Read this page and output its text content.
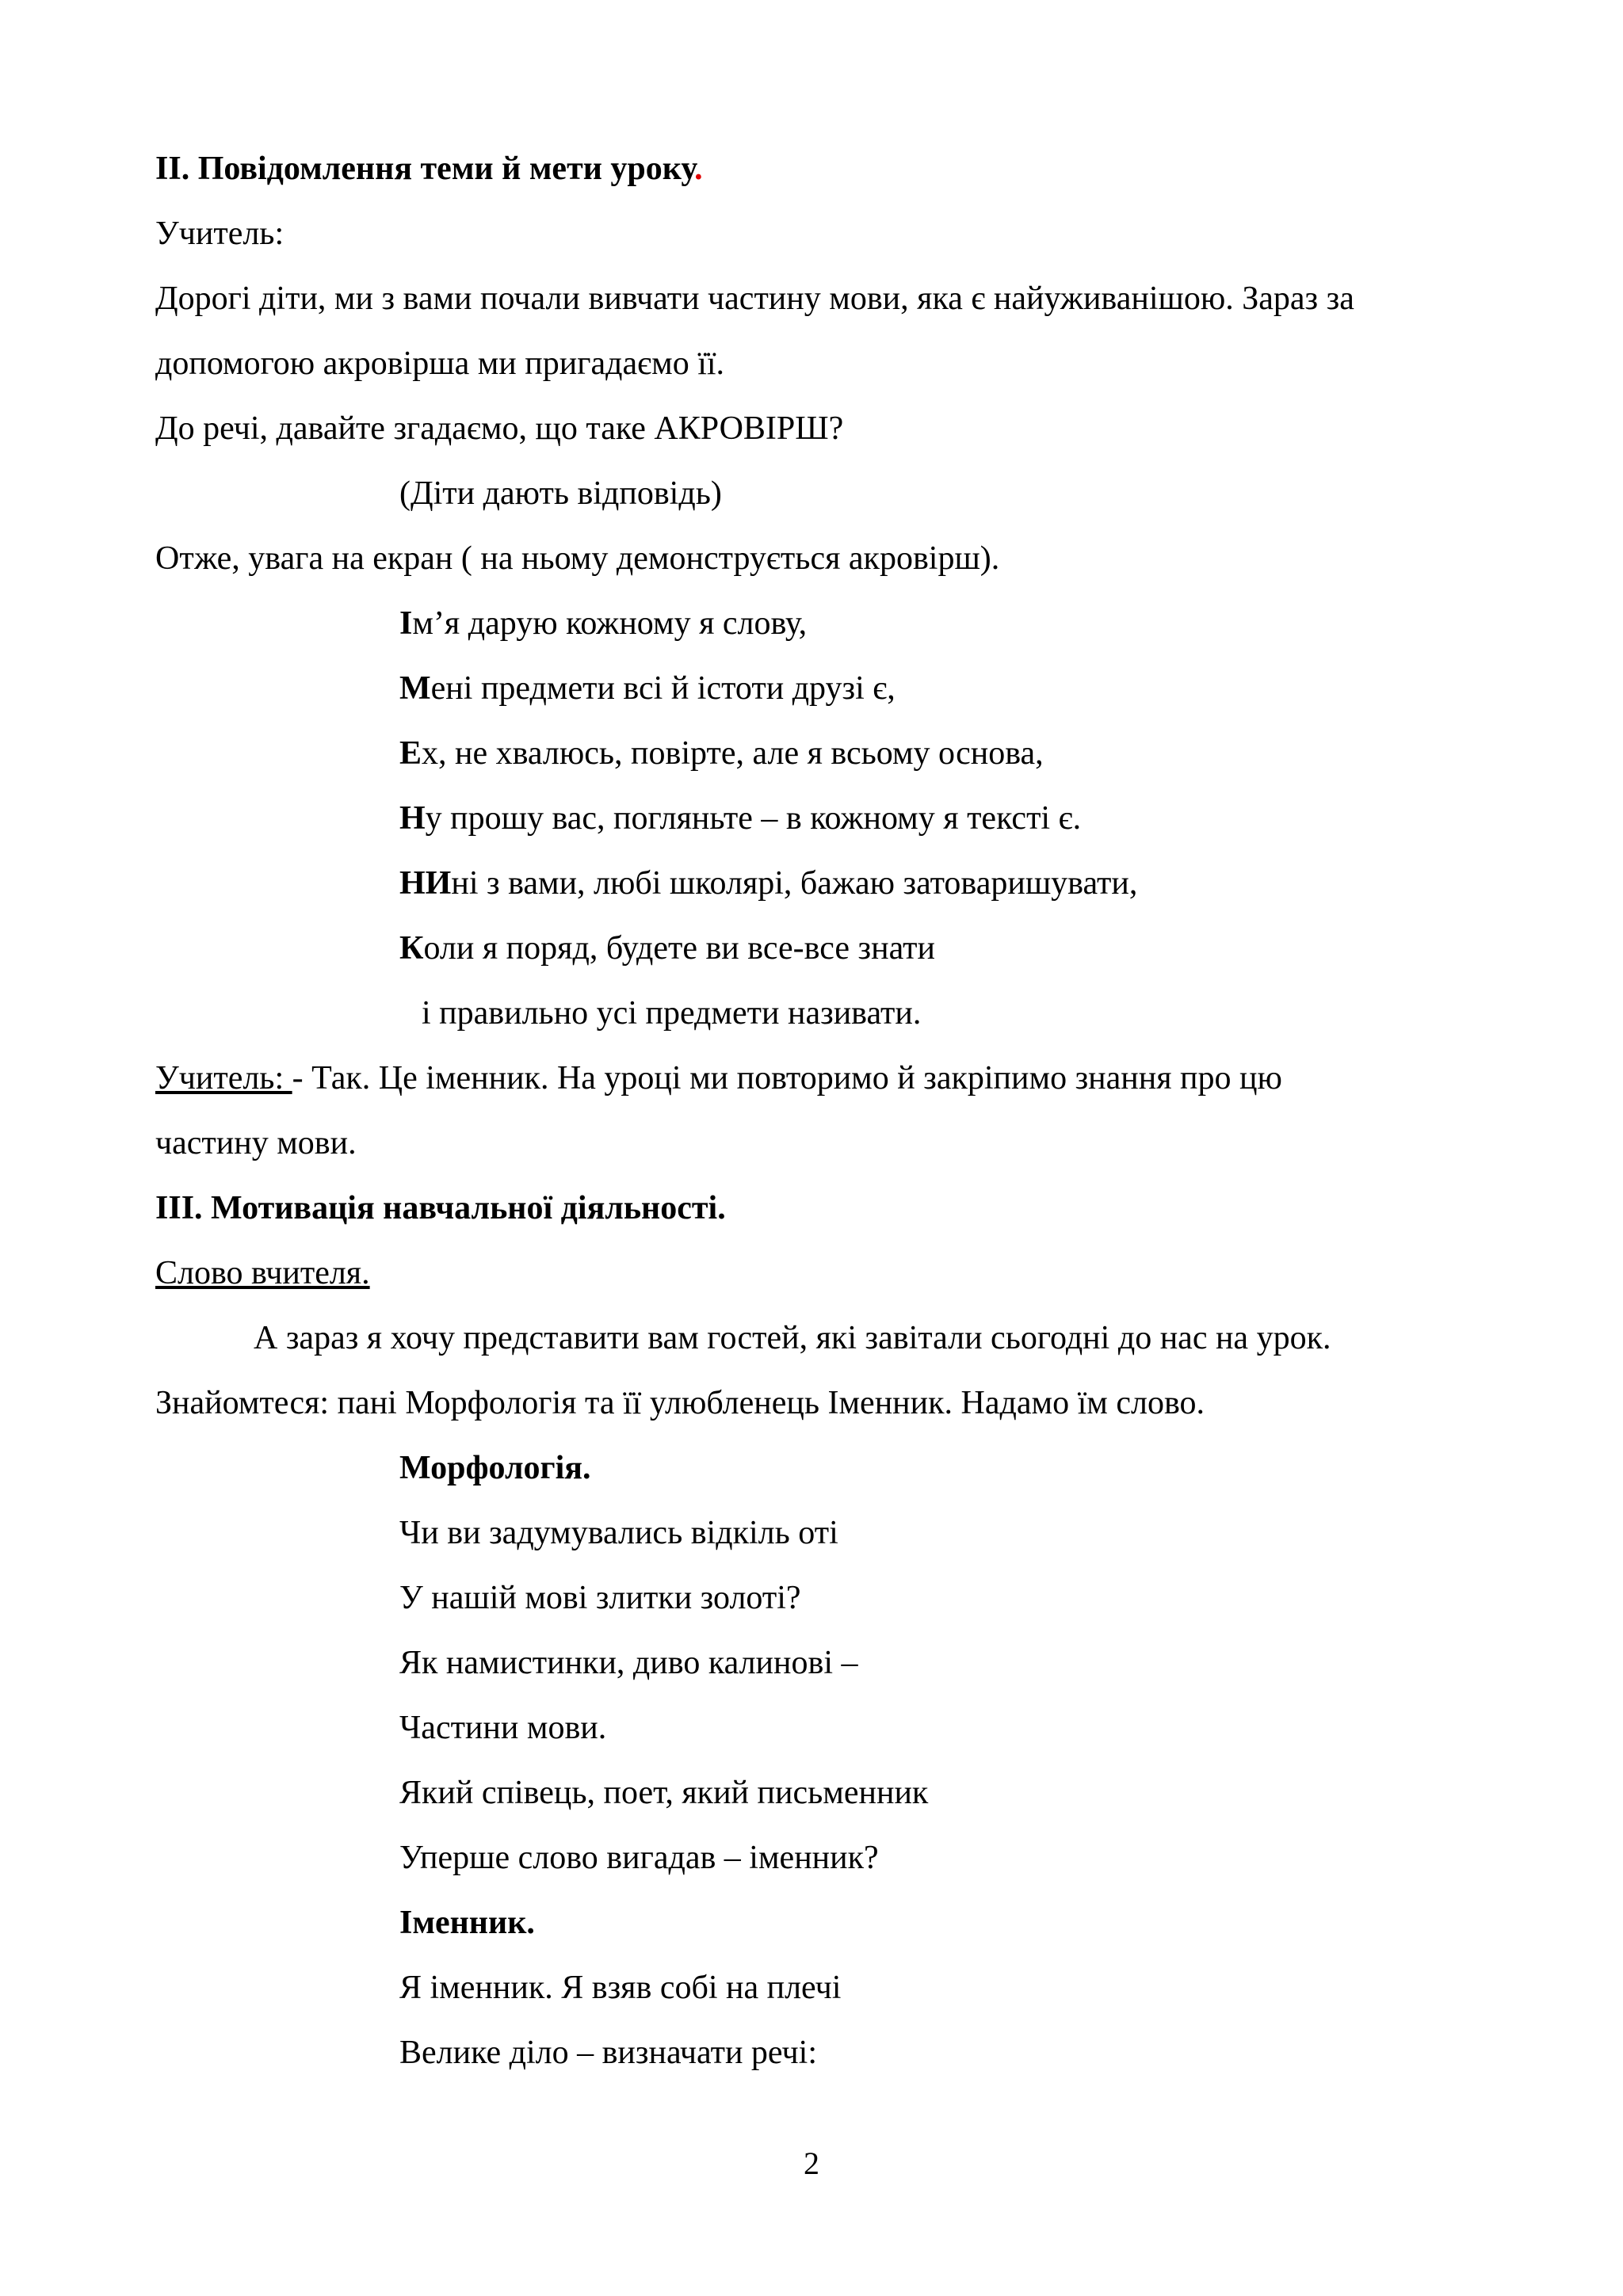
II. Повідомлення теми й мети уроку.
Учитель:
Дорогі діти, ми з вами почали вивчати частину мови, яка є найуживанішою. Зараз за
допомогою акровірша ми пригадаємо її.
До речі, давайте згадаємо, що таке АКРОВІРШ?
(Діти дають відповідь)
Отже, увага на екран ( на ньому демонструється акровірш).
Ім’я дарую кожному я слову,
Мені предмети всі й істоти друзі є,
Ех, не хвалюсь, повірте, але я всьому основа,
Ну прошу вас, погляньте – в кожному я тексті є.
НИні з вами, любі школярі, бажаю затоваришувати,
Коли я поряд, будете ви все-все знати
і правильно усі предмети називати.
Учитель: - Так. Це іменник. На уроці ми повторимо й закріпимо знання про цю
частину мови.
III. Мотивація навчальної діяльності.
Слово вчителя.
А зараз я хочу представити вам гостей, які завітали сьогодні до нас на урок.
Знайомтеся: пані Морфологія та її улюбленець Іменник. Надамо їм слово.
Морфологія.
Чи ви задумувались відкіль оті
У нашій мові злитки золоті?
Як намистинки, диво калинові –
Частини мови.
Який співець, поет, який письменник
Уперше слово вигадав – іменник?
Іменник.
Я іменник. Я взяв собі на плечі
Велике діло – визначати речі:
2
